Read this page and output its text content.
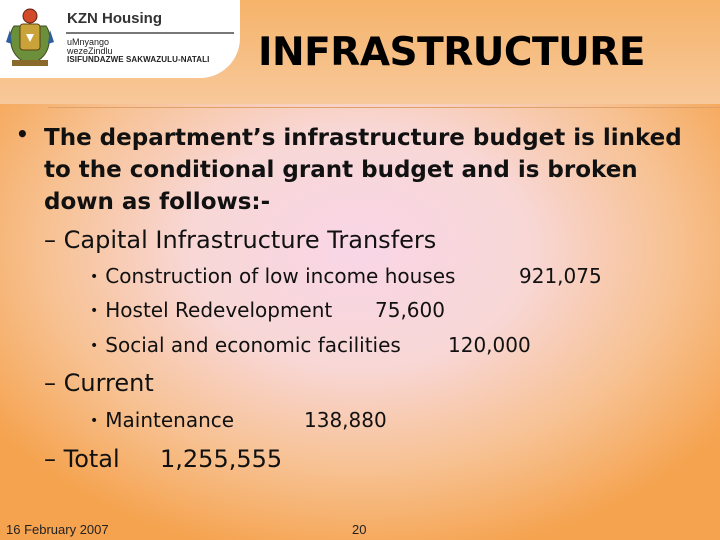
KZN Housing
uMnyango
wezeZindlu
ISIFUNDAZWE SAKWAZULU-NATALI INFRASTRUCTURE
• The department’s infrastructure budget is linked to the conditional grant budget and is broken down as follows:-
– Capital Infrastructure Transfers
• Construction of low income houses	921,075
• Hostel Redevelopment 75,600
• Social and economic facilities 120,000
– Current
• Maintenance	138,880
– Total 1,255,555
16 February 2007	20
